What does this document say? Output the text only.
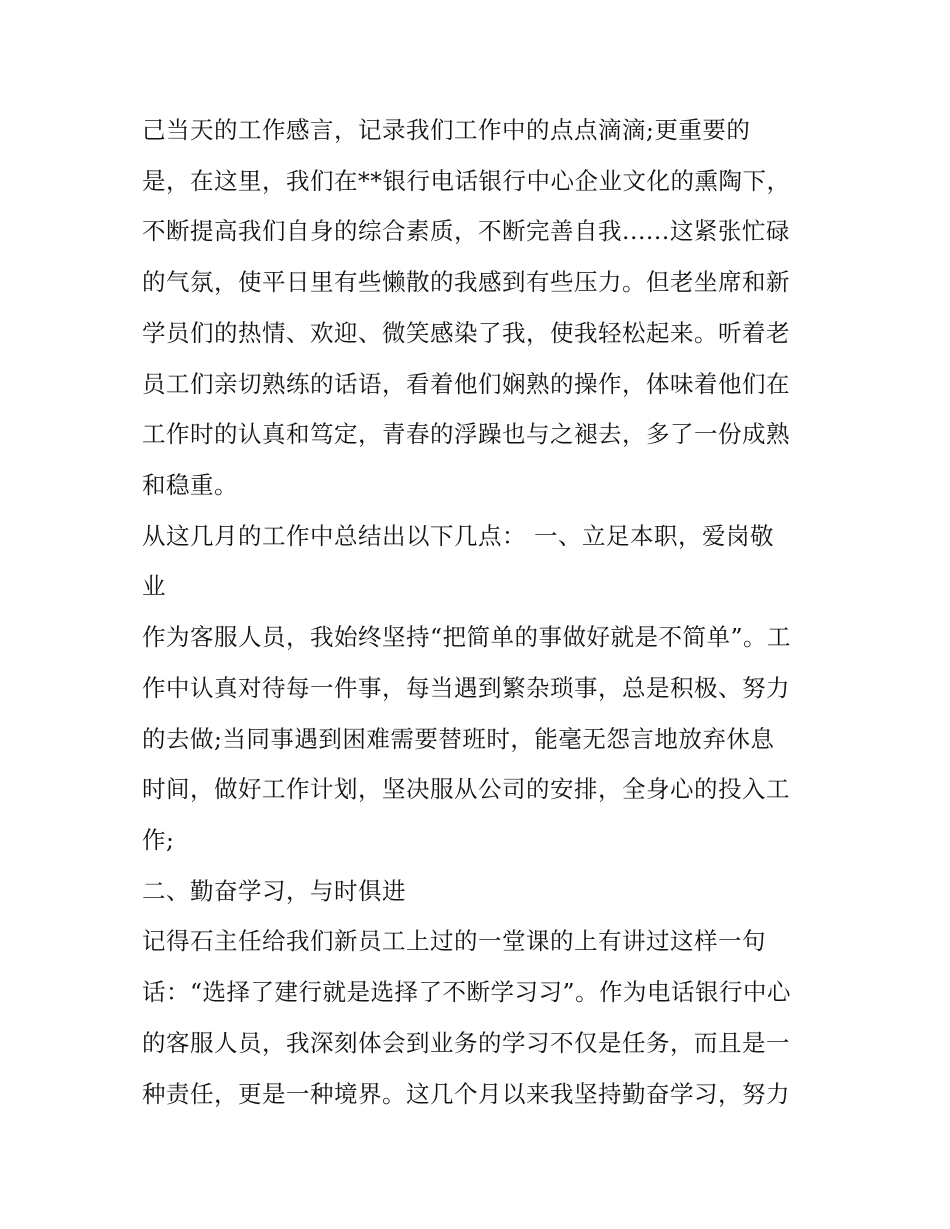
己当天的工作感言，记录我们工作中的点点滴滴;更重要的
是，在这里，我们在**银行电话银行中心企业文化的熏陶下，
不断提高我们自身的综合素质，不断完善自我......这紧张忙碌
的气氛，使平日里有些懒散的我感到有些压力。但老坐席和新
学员们的热情、欢迎、微笑感染了我，使我轻松起来。听着老
员工们亲切熟练的话语，看着他们娴熟的操作，体味着他们在
工作时的认真和笃定，青春的浮躁也与之褪去，多了一份成熟
和稳重。
从这几月的工作中总结出以下几点： 一、立足本职，爱岗敬
业
作为客服人员，我始终坚持“把简单的事做好就是不简单”。工
作中认真对待每一件事，每当遇到繁杂琐事，总是积极、努力
的去做;当同事遇到困难需要替班时，能毫无怨言地放弃休息
时间，做好工作计划，坚决服从公司的安排，全身心的投入工
作;
二、勤奋学习，与时俱进
记得石主任给我们新员工上过的一堂课的上有讲过这样一句
话：“选择了建行就是选择了不断学习习”。作为电话银行中心
的客服人员，我深刻体会到业务的学习不仅是任务，而且是一
种责任，更是一种境界。这几个月以来我坚持勤奋学习，努力
